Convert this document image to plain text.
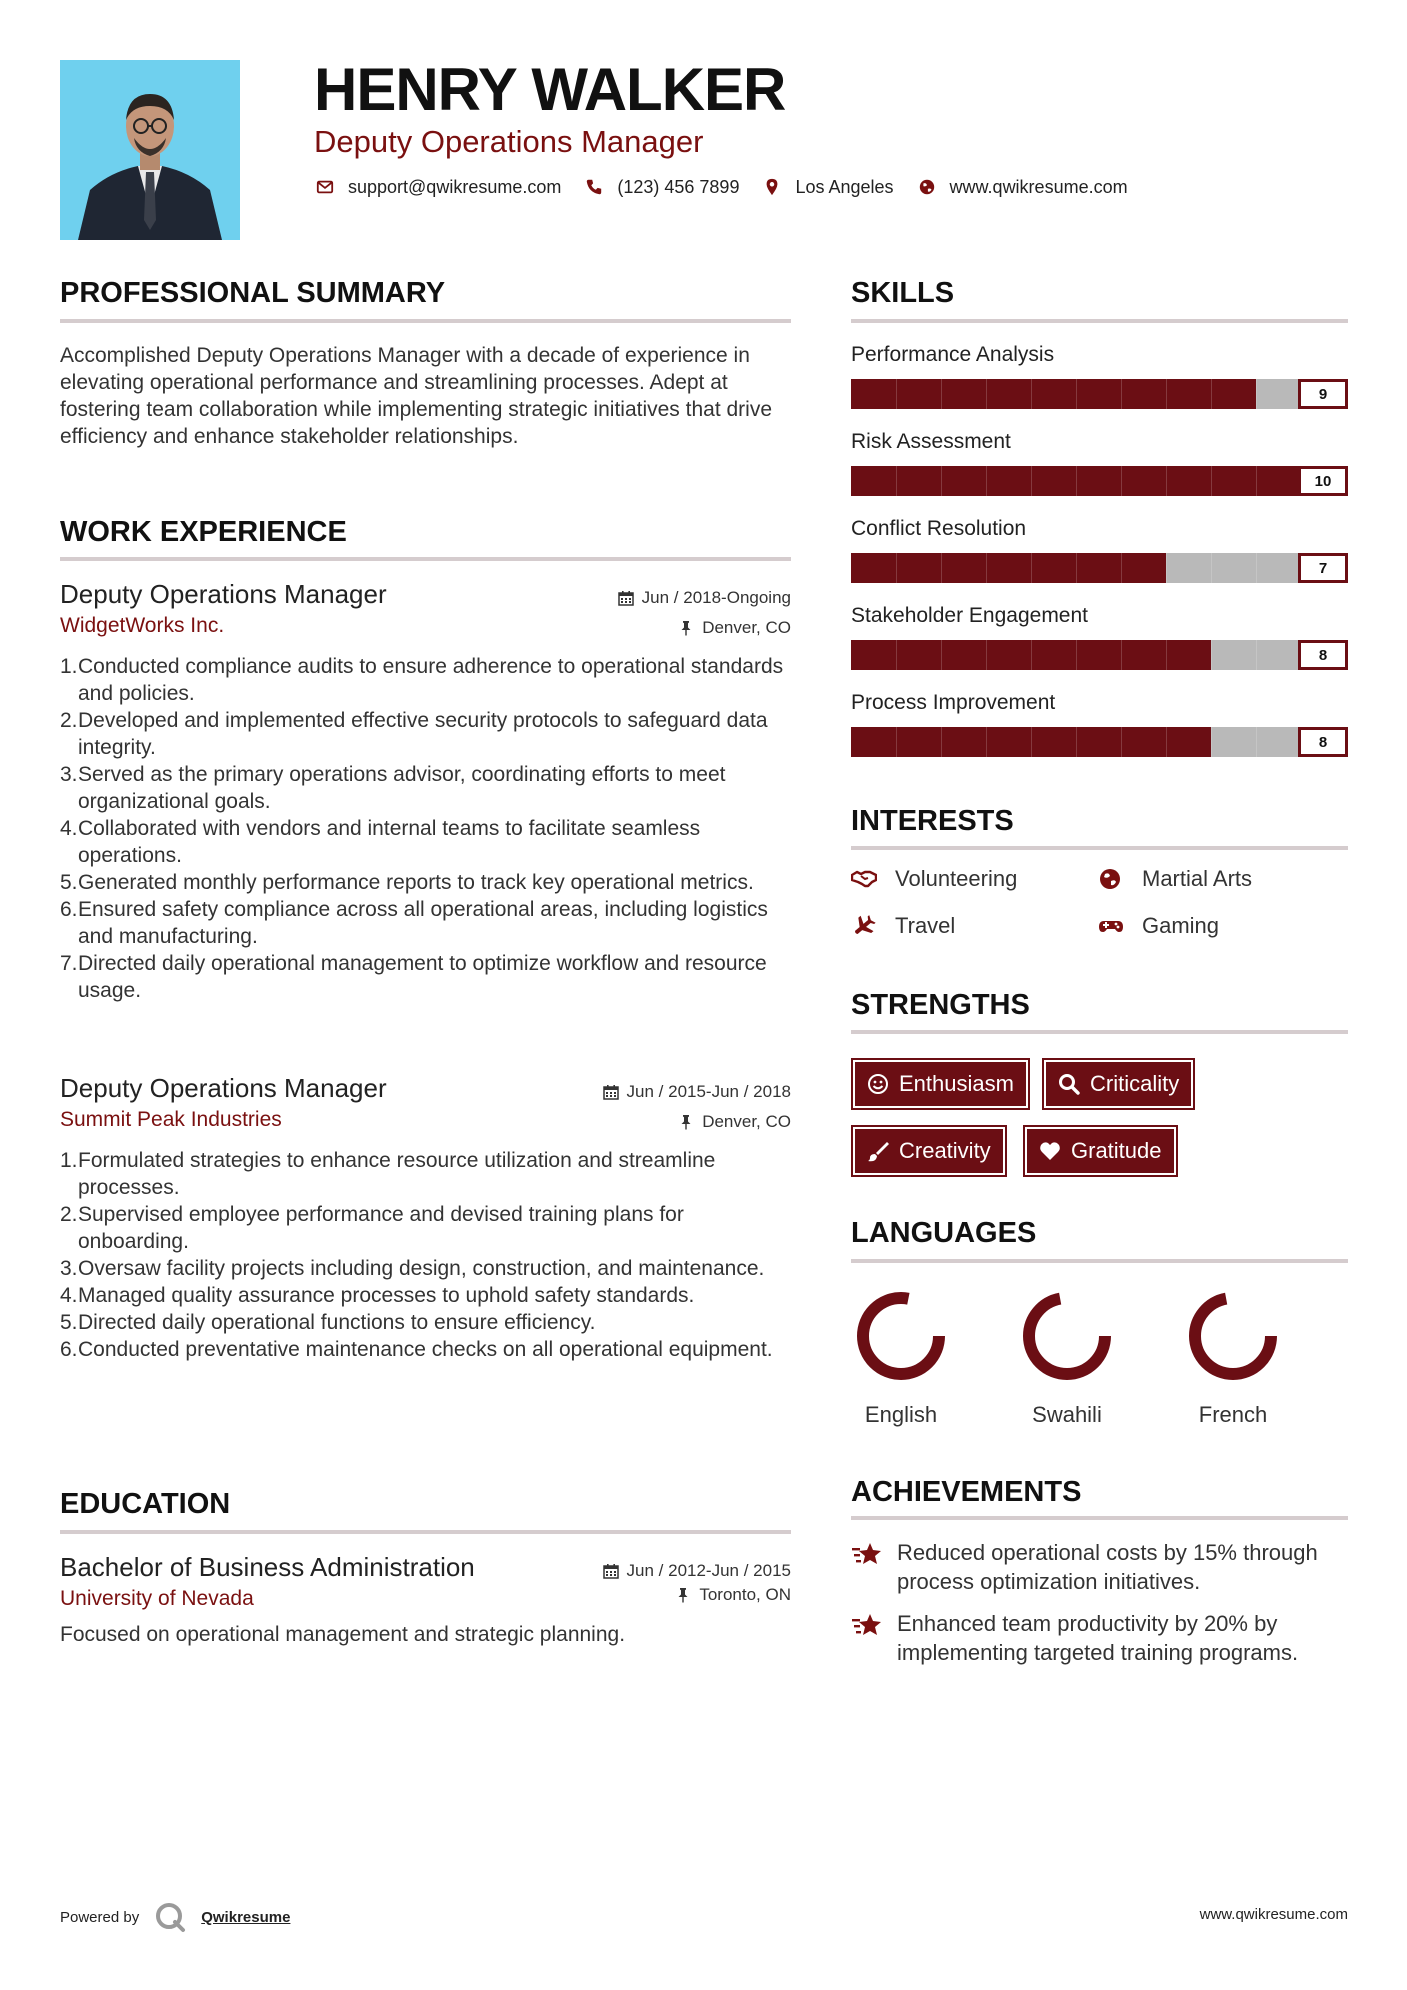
HENRY WALKER
Deputy Operations Manager
support@qwikresume.com	(123) 456 7899	Los Angeles	www.qwikresume.com
PROFESSIONAL SUMMARY
Accomplished Deputy Operations Manager with a decade of experience in elevating operational performance and streamlining processes. Adept at fostering team collaboration while implementing strategic initiatives that drive efficiency and enhance stakeholder relationships.
WORK EXPERIENCE
Deputy Operations Manager	Jun / 2018-Ongoing
WidgetWorks Inc.	Denver, CO
1. Conducted compliance audits to ensure adherence to operational standards and policies.
2. Developed and implemented effective security protocols to safeguard data integrity.
3. Served as the primary operations advisor, coordinating efforts to meet organizational goals.
4. Collaborated with vendors and internal teams to facilitate seamless operations.
5. Generated monthly performance reports to track key operational metrics.
6. Ensured safety compliance across all operational areas, including logistics and manufacturing.
7. Directed daily operational management to optimize workflow and resource usage.
Deputy Operations Manager	Jun / 2015-Jun / 2018
Summit Peak Industries	Denver, CO
1. Formulated strategies to enhance resource utilization and streamline processes.
2. Supervised employee performance and devised training plans for onboarding.
3. Oversaw facility projects including design, construction, and maintenance.
4. Managed quality assurance processes to uphold safety standards.
5. Directed daily operational functions to ensure efficiency.
6. Conducted preventative maintenance checks on all operational equipment.
EDUCATION
Bachelor of Business Administration	Jun / 2012-Jun / 2015
University of Nevada	Toronto, ON
Focused on operational management and strategic planning.
SKILLS
Performance Analysis
9
Risk Assessment
10
Conflict Resolution
7
Stakeholder Engagement
8
Process Improvement
8
INTERESTS
Volunteering	Martial Arts
Travel	Gaming
STRENGTHS
Enthusiasm	Criticality
Creativity	Gratitude
LANGUAGES
English	Swahili	French
ACHIEVEMENTS
Reduced operational costs by 15% through process optimization initiatives.
Enhanced team productivity by 20% by implementing targeted training programs.
Powered by	Qwikresume	www.qwikresume.com
